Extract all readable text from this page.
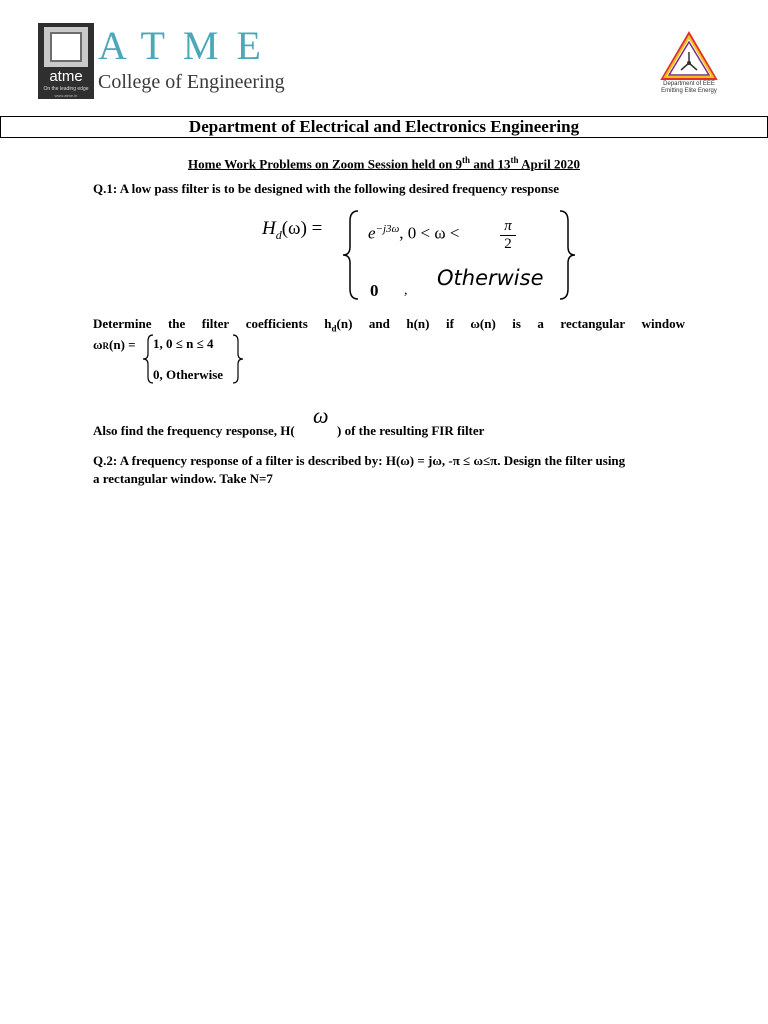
atme
On the leading edge
www.atme.in
ATME
College of Engineering	Department of EEE
Emitting Elite Energy
Department of Electrical and Electronics Engineering
Home Work Problems on Zoom Session held on 9th and 13th April 2020
Q.1: A low pass filter is to be designed with the following desired frequency response
$H_d(\omega)$ =	$e^{-j3\omega}$, 0 < ω <	$\frac{\pi}{2}$
0 ,
Otherwise
Determine the filter coefficients $h_d(n)$ and h(n) if ω(n) is a rectangular window
ωR(n) = 1, 0 ≤ n ≤ 4
0, Otherwise
Also find the frequency response, H(
ω
) of the resulting FIR filter
Q.2: A frequency response of a filter is described by: H(ω) = jω, -π ≤ ω≤π. Design the filter using
a rectangular window. Take N=7
